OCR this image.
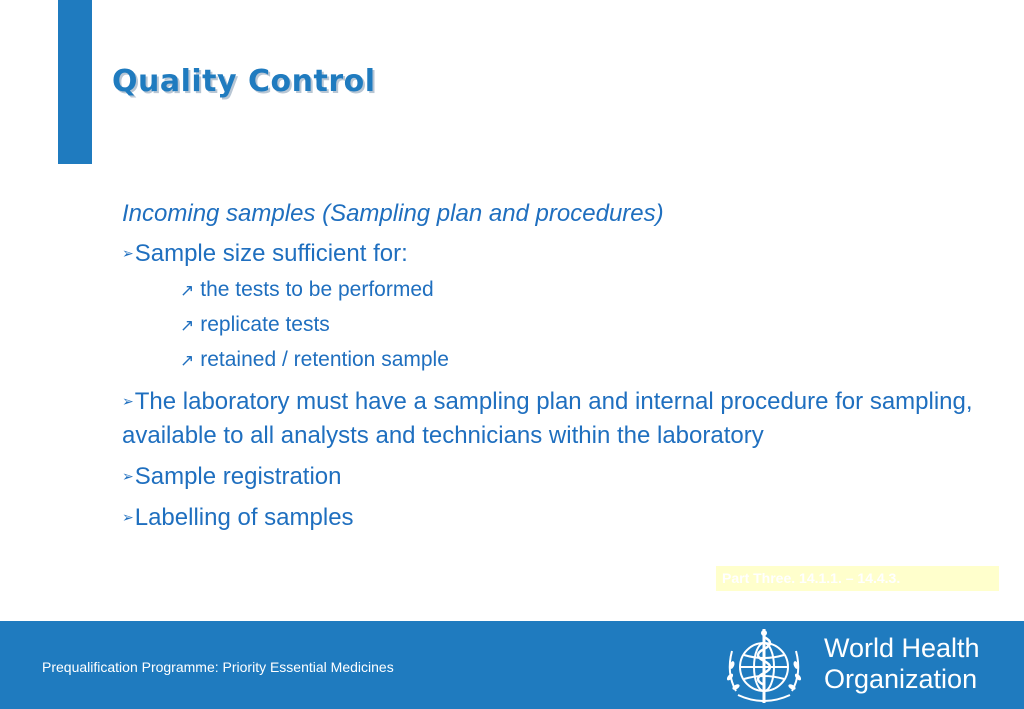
Quality Control
Incoming samples (Sampling plan and procedures)
➢Sample size sufficient for:
↗ the tests to be performed
↗ replicate tests
↗ retained / retention sample
➢The laboratory must have a sampling plan and internal procedure for sampling, available to all analysts and technicians within the laboratory
➢Sample registration
➢Labelling of samples
Part Three. 14.1.1. – 14.4.3.
Prequalification Programme: Priority Essential Medicines
World Health
Organization
